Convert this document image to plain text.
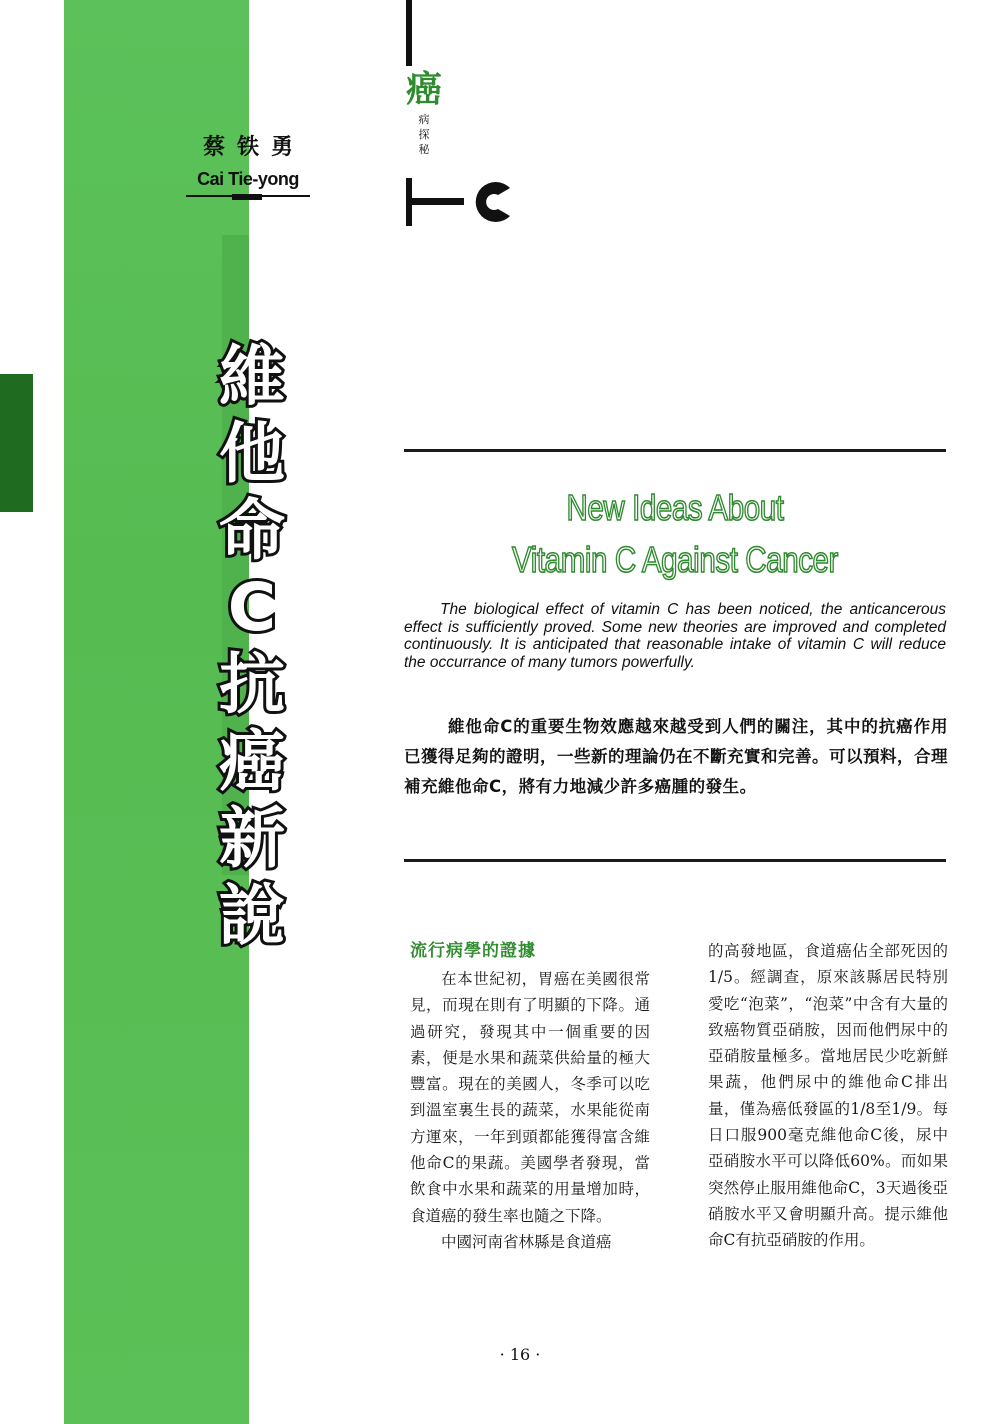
蔡铁勇
Cai Tie-yong
癌
病
探
秘
維
他
命
C
抗
癌
新
說
New Ideas About
Vitamin C Against Cancer
The biological effect of vitamin C has been noticed, the anticancerous effect is sufficiently proved. Some new theories are improved and completed continuously. It is anticipated that reasonable intake of vitamin C will reduce the occurrance of many tumors powerfully.
維他命C的重要生物效應越來越受到人們的關注，其中的抗癌作用已獲得足夠的證明，一些新的理論仍在不斷充實和完善。可以預料，合理補充維他命C，將有力地減少許多癌腫的發生。
流行病學的證據

在本世紀初，胃癌在美國很常見，而現在則有了明顯的下降。通過研究，發現其中一個重要的因素，便是水果和蔬菜供給量的極大豐富。現在的美國人，冬季可以吃到溫室裏生長的蔬菜，水果能從南方運來，一年到頭都能獲得富含維他命C的果蔬。美國學者發現，當飲食中水果和蔬菜的用量增加時，食道癌的發生率也隨之下降。

中國河南省林縣是食道癌

的高發地區，食道癌佔全部死因的1/5。經調查，原來該縣居民特別愛吃“泡菜”，“泡菜”中含有大量的致癌物質亞硝胺，因而他們尿中的亞硝胺量極多。當地居民少吃新鮮果蔬，他們尿中的維他命C排出量，僅為癌低發區的1/8至1/9。每日口服900毫克維他命C後，尿中亞硝胺水平可以降低60%。而如果突然停止服用維他命C，3天過後亞硝胺水平又會明顯升高。提示維他命C有抗亞硝胺的作用。

· 16 ·
